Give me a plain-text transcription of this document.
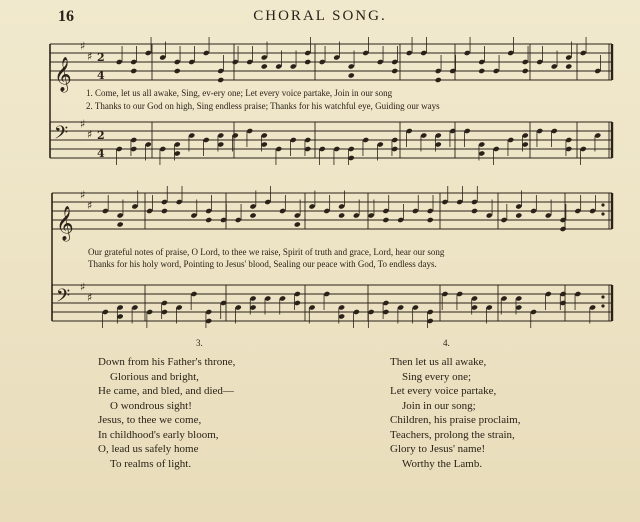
16	CHORAL SONG.
𝄞
♯
♯ 2
4
𝄢 ♯
♯ 2
4
𝄞
♯
♯
𝄢 ♯
♯
1. Come, let us all awake, Sing, ev-ery one; Let every voice partake, Join in our song
2. Thanks to our God on high, Sing endless praise; Thanks for his watchful eye, Guiding our ways
Our grateful notes of praise, O Lord, to thee we raise, Spirit of truth and grace, Lord, hear our song
Thanks for his holy word, Pointing to Jesus' blood, Sealing our peace with God, To endless days.
3.
Down from his Father's throne,
Glorious and bright,
He came, and bled, and died—
O wondrous sight!
Jesus, to thee we come,
In childhood's early bloom,
O, lead us safely home
To realms of light.
4.
Then let us all awake,
Sing every one;
Let every voice partake,
Join in our song;
Children, his praise proclaim,
Teachers, prolong the strain,
Glory to Jesus' name!
Worthy the Lamb.
